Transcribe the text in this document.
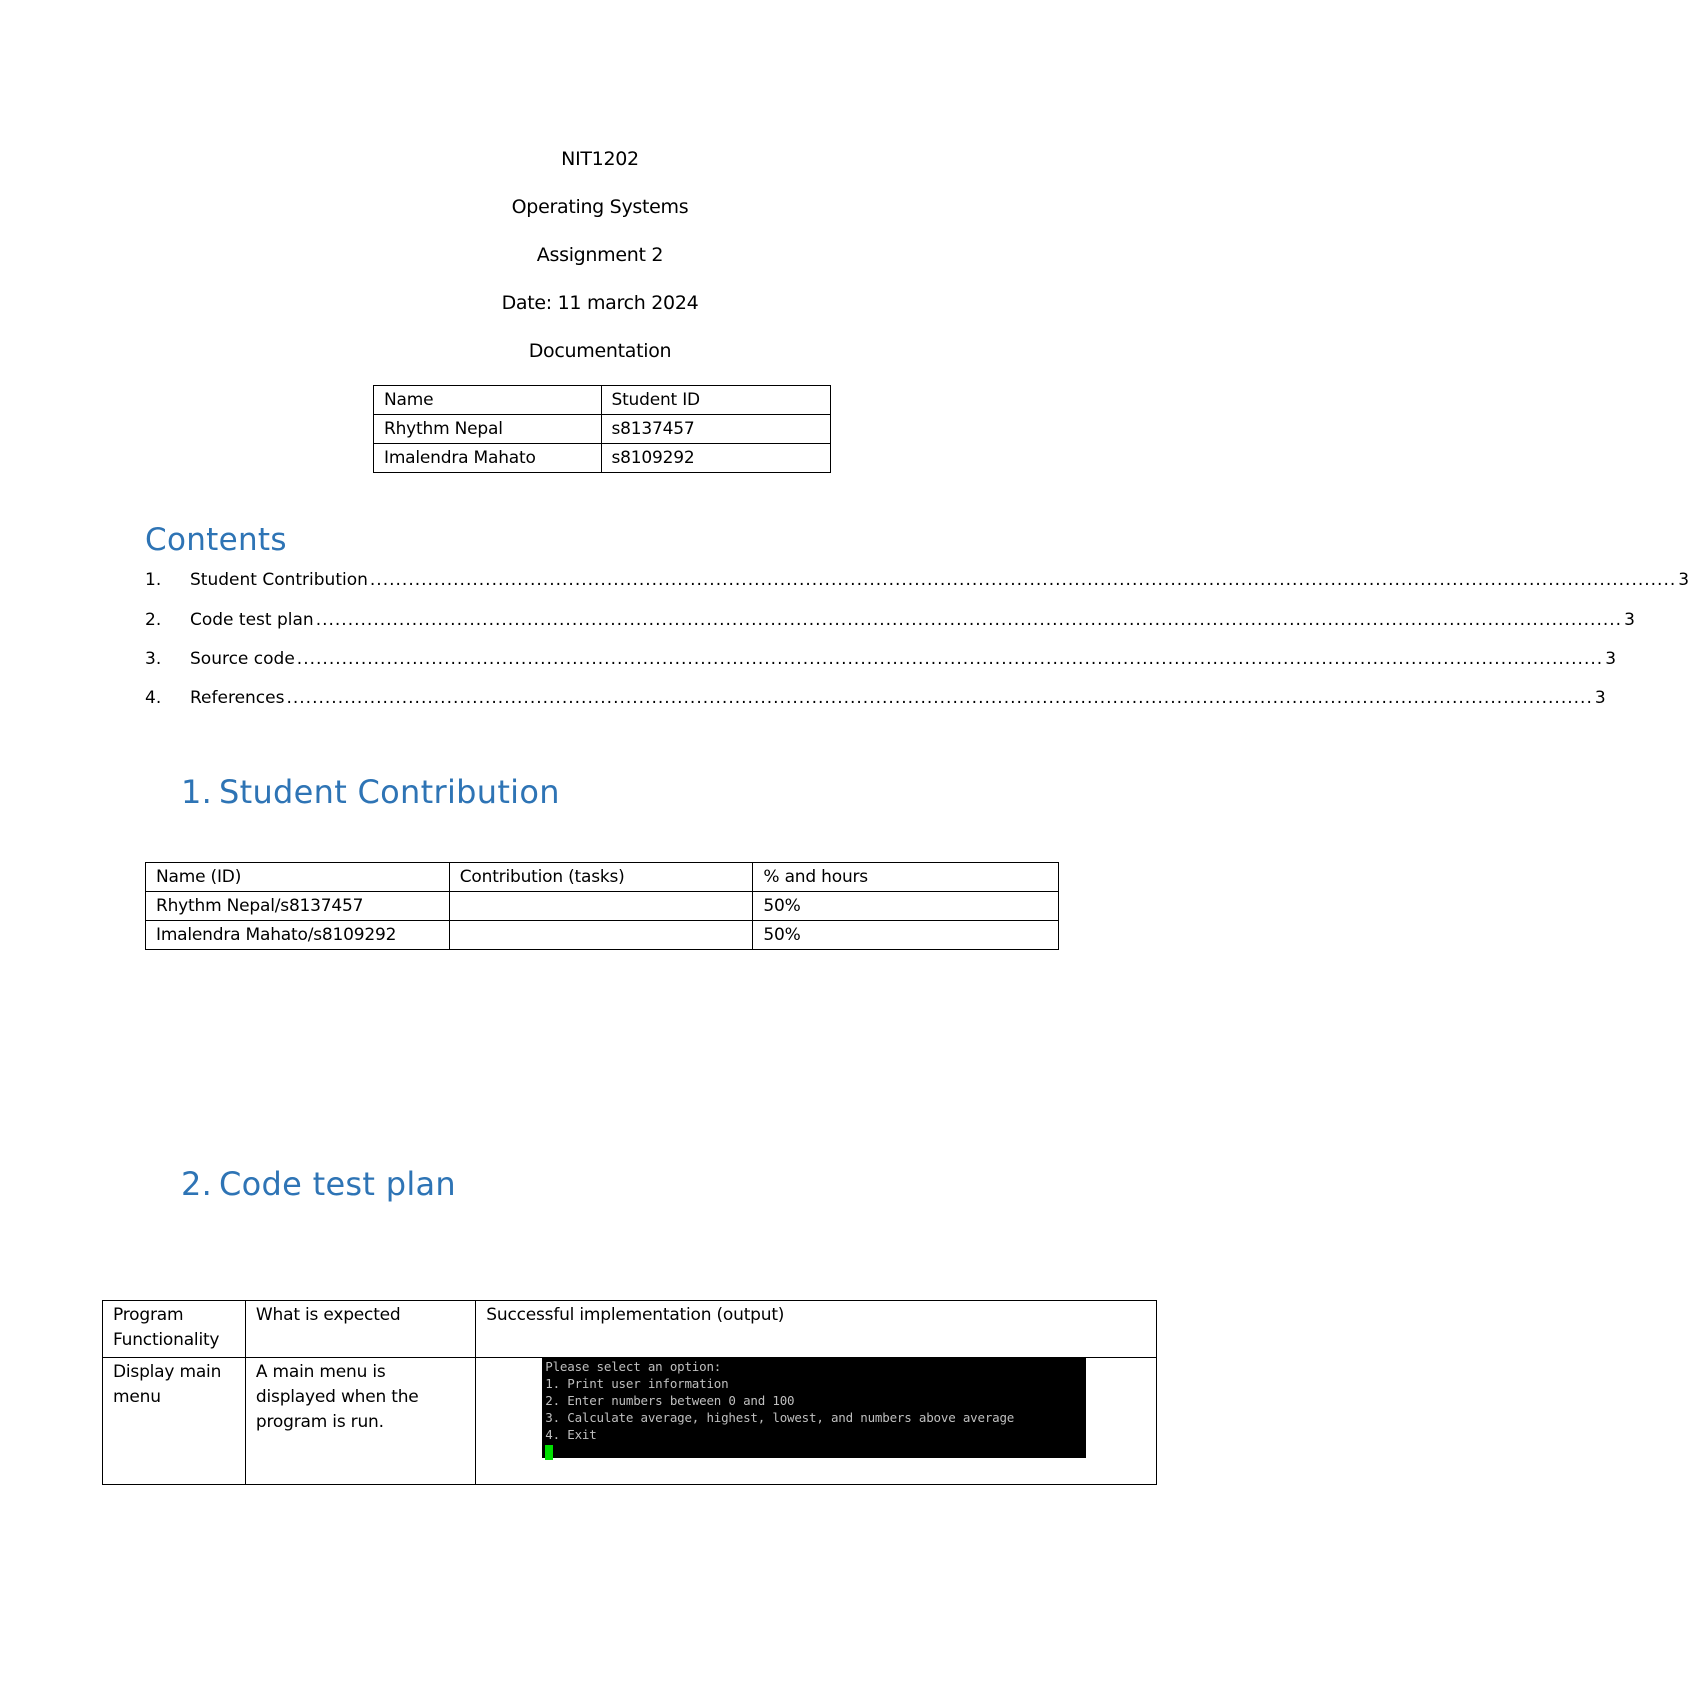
NIT1202
Operating Systems
Assignment 2
Date: 11 march 2024
Documentation
Name	Student ID
Rhythm Nepal	s8137457
Imalendra Mahato	s8109292
Contents
1.	Student Contribution ............................................................................................................................................................................................................ 3
2.	Code test plan ............................................................................................................................................................................................................ 3
3.	Source code ............................................................................................................................................................................................................ 3
4.	References ............................................................................................................................................................................................................ 3
1. Student Contribution
Name (ID)	Contribution (tasks)	% and hours
Rhythm Nepal/s8137457		50%
Imalendra Mahato/s8109292		50%
2. Code test plan
Program Functionality	What is expected	Successful implementation (output)
Display main menu	A main menu is displayed when the program is run.	Please select an option:
1. Print user information
2. Enter numbers between 0 and 100
3. Calculate average, highest, lowest, and numbers above average
4. Exit
